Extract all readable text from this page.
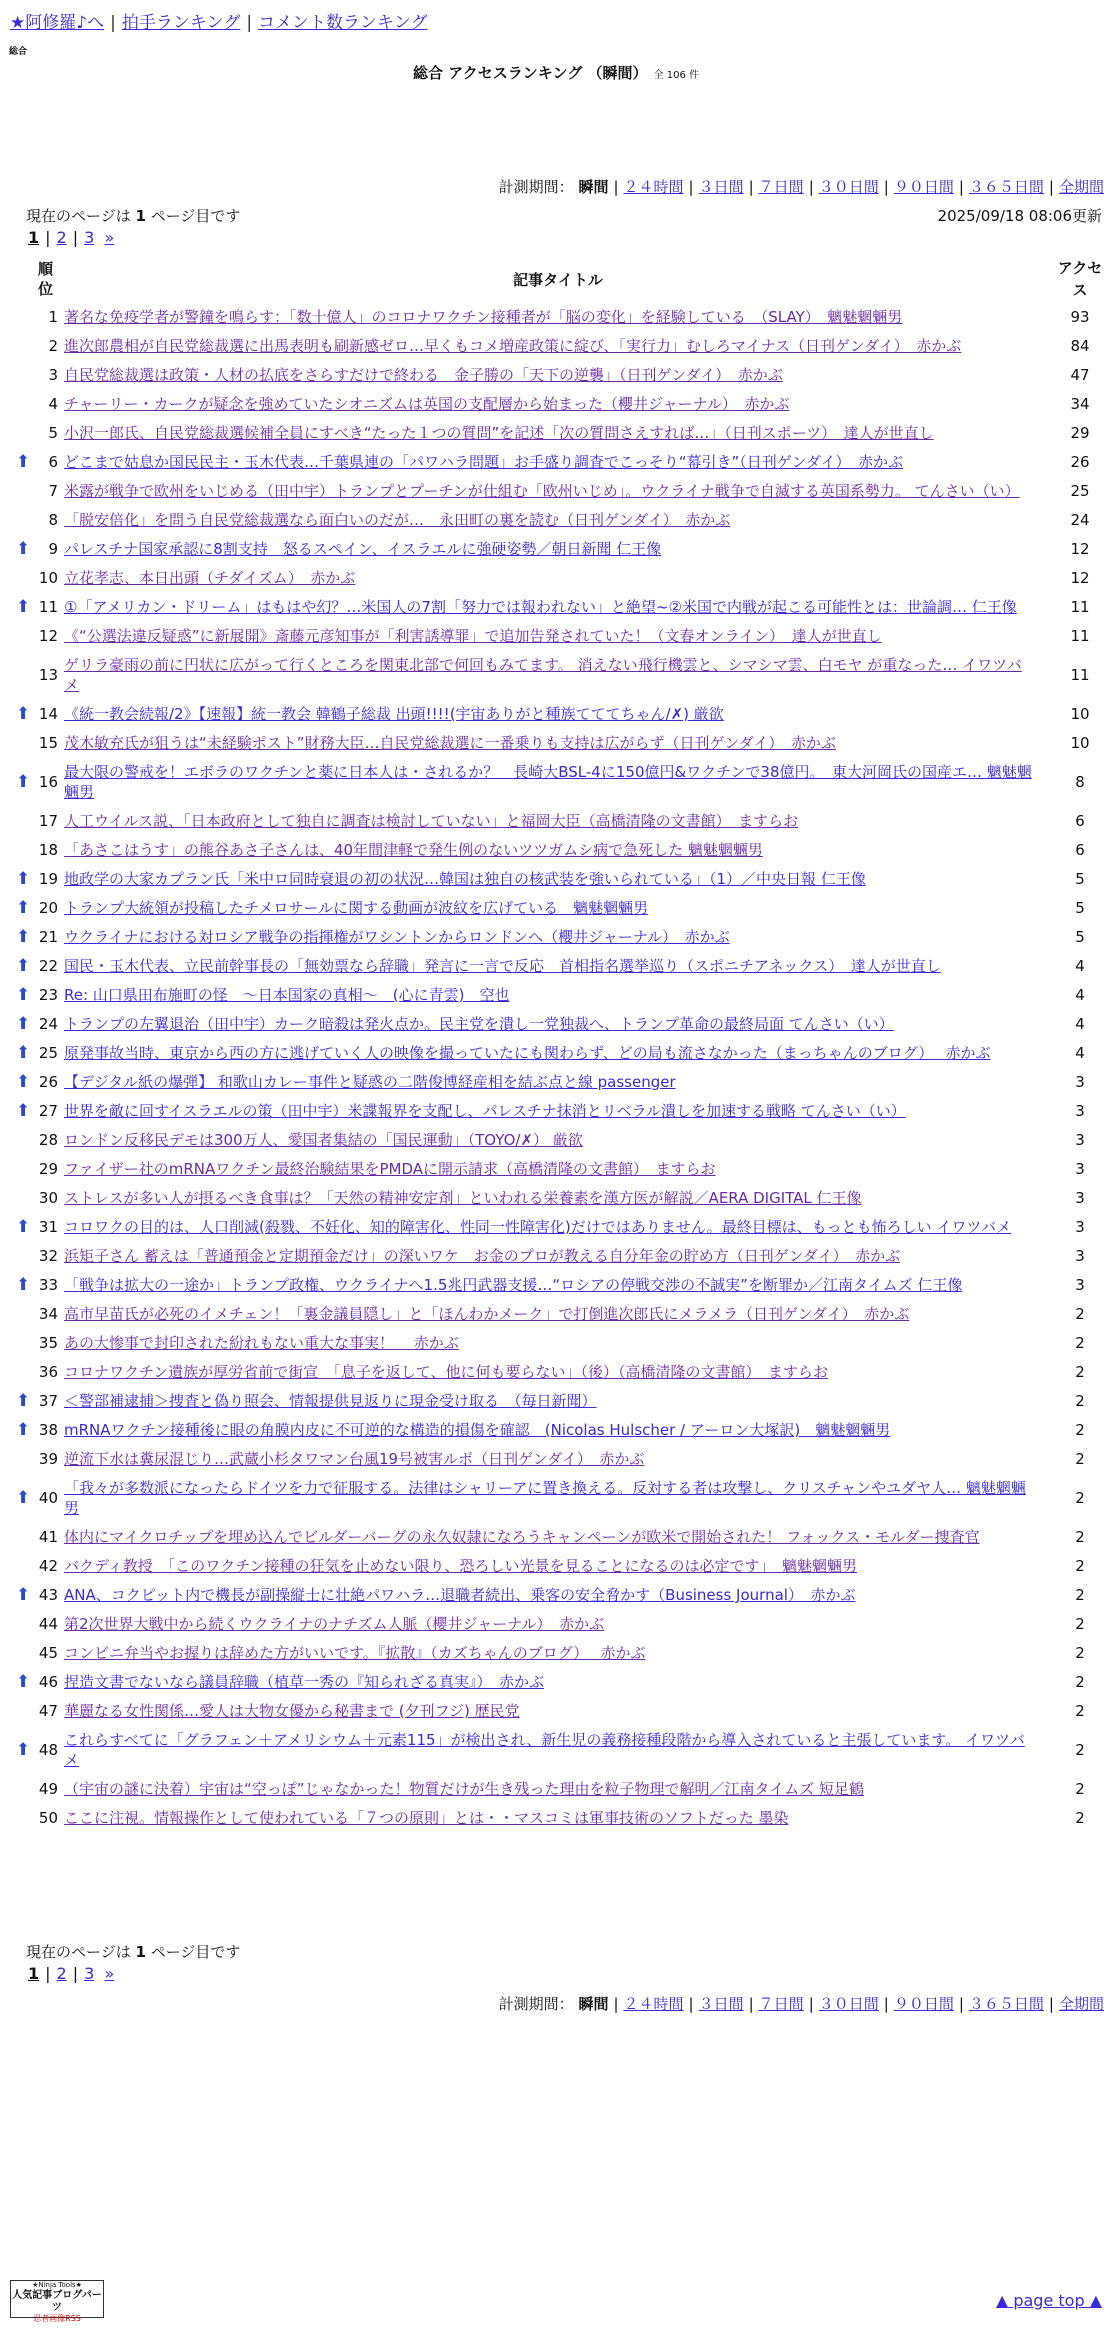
★阿修羅♪へ | 拍手ランキング | コメント数ランキング
総合
総合 アクセスランキング （瞬間） 全 106 件
計測期間： 瞬間 | ２４時間 | ３日間 | ７日間 | ３０日間 | ９０日間 | ３６５日間 | 全期間
現在のページは 1 ページ目です	2025/09/18 08:06更新
1 | 2 | 3 »
	順位	記事タイトル	アクセス
	1	著名な免疫学者が警鐘を鳴らす：「数十億人」のコロナワクチン接種者が「脳の変化」を経験している　（SLAY）　魑魅魍魎男	93
	2	進次郎農相が自民党総裁選に出馬表明も刷新感ゼロ…早くもコメ増産政策に綻び、「実行力」むしろマイナス（日刊ゲンダイ）　赤かぶ	84
	3	自民党総裁選は政策・人材の払底をさらすだけで終わる　金子勝の「天下の逆襲」（日刊ゲンダイ）　赤かぶ	47
	4	チャーリー・カークが疑念を強めていたシオニズムは英国の支配層から始まった（櫻井ジャーナル）　赤かぶ	34
	5	小沢一郎氏、自民党総裁選候補全員にすべき“たった１つの質問”を記述「次の質問さえすれば…」（日刊スポーツ）　達人が世直し	29
⬆	6	どこまで姑息か国民民主・玉木代表…千葉県連の「パワハラ問題」お手盛り調査でこっそり“幕引き”（日刊ゲンダイ）　赤かぶ	26
	7	米露が戦争で欧州をいじめる（田中宇）トランプとプーチンが仕組む「欧州いじめ」。ウクライナ戦争で自滅する英国系勢力。 てんさい（い）	25
	8	「脱安倍化」を問う自民党総裁選なら面白いのだが…　永田町の裏を読む（日刊ゲンダイ）　赤かぶ	24
⬆	9	パレスチナ国家承認に8割支持　怒るスペイン、イスラエルに強硬姿勢／朝日新聞 仁王像	12
	10	立花孝志、本日出頭（チダイズム）　赤かぶ	12
⬆	11	①「アメリカン・ドリーム」はもはや幻？…米国人の7割「努力では報われない」と絶望~②米国で内戦が起こる可能性とは：世論調… 仁王像	11
	12	《“公選法違反疑惑”に新展開》斎藤元彦知事が「利害誘導罪」で追加告発されていた！（文春オンライン）　達人が世直し	11
	13	ゲリラ豪雨の前に円状に広がって行くところを関東北部で何回もみてます。 消えない飛行機雲と、シマシマ雲、白モヤ が重なった… イワツバメ	11
⬆	14	《統一教会続報/2》【速報】統一教会 韓鶴子総裁 出頭!!!!(宇宙ありがと種族てててちゃん/✗) 厳欲	10
	15	茂木敏充氏が狙うは“未経験ポスト”財務大臣…自民党総裁選に一番乗りも支持は広がらず（日刊ゲンダイ）　赤かぶ	10
⬆	16	最大限の警戒を！エボラのワクチンと薬に日本人は・されるか？　長崎大BSL-4に150億円&ワクチンで38億円。　東大河岡氏の国産エ… 魑魅魍魎男	8
	17	人工ウイルス説、「日本政府として独自に調査は検討していない」と福岡大臣（高橋清隆の文書館）　ますらお	6
	18	「あさこはうす」の熊谷あさ子さんは、40年間津軽で発生例のないツツガムシ病で急死した 魑魅魍魎男	6
⬆	19	地政学の大家カプラン氏「米中ロ同時衰退の初の状況…韓国は独自の核武装を強いられている」（1）／中央日報 仁王像	5
⬆	20	トランプ大統領が投稿したチメロサールに関する動画が波紋を広げている　魑魅魍魎男	5
⬆	21	ウクライナにおける対ロシア戦争の指揮権がワシントンからロンドンへ（櫻井ジャーナル）　赤かぶ	5
⬆	22	国民・玉木代表、立民前幹事長の「無効票なら辞職」発言に一言で反応　首相指名選挙巡り（スポニチアネックス）　達人が世直し	4
⬆	23	Re: 山口県田布施町の怪　〜日本国家の真相〜　(心に青雲)　空也	4
⬆	24	トランプの左翼退治（田中宇）カーク暗殺は発火点か。民主党を潰し一党独裁へ、トランプ革命の最終局面 てんさい（い）	4
⬆	25	原発事故当時、東京から西の方に逃げていく人の映像を撮っていたにも関わらず、どの局も流さなかった（まっちゃんのブログ）　 赤かぶ	4
⬆	26	【デジタル紙の爆弾】 和歌山カレー事件と疑惑の二階俊博経産相を結ぶ点と線 passenger	3
⬆	27	世界を敵に回すイスラエルの策（田中宇）米諜報界を支配し、パレスチナ抹消とリベラル潰しを加速する戦略 てんさい（い）	3
	28	ロンドン反移民デモは300万人、愛国者集結の「国民運動」（TOYO/✗） 厳欲	3
	29	ファイザー社のmRNAワクチン最終治験結果をPMDAに開示請求（高橋清隆の文書館）　ますらお	3
	30	ストレスが多い人が摂るべき食事は？「天然の精神安定剤」といわれる栄養素を漢方医が解説／AERA DIGITAL 仁王像	3
⬆	31	コロワクの目的は、人口削減(殺戮、不妊化、知的障害化、性同一性障害化)だけではありません。最終目標は、もっとも怖ろしい イワツバメ	3
	32	浜矩子さん 蓄えは「普通預金と定期預金だけ」の深いワケ　お金のプロが教える自分年金の貯め方（日刊ゲンダイ）　赤かぶ	3
⬆	33	「戦争は拡大の一途か」トランプ政権、ウクライナへ1.5兆円武器支援…“ロシアの停戦交渉の不誠実”を断罪か／江南タイムズ 仁王像	3
	34	高市早苗氏が必死のイメチェン！「裏金議員隠し」と「ほんわかメーク」で打倒進次郎氏にメラメラ（日刊ゲンダイ）　赤かぶ	2
	35	あの大惨事で封印された紛れもない重大な事実！　 赤かぶ	2
	36	コロナワクチン遺族が厚労省前で街宣　「息子を返して、他に何も要らない」（後）（高橋清隆の文書館）　ますらお	2
⬆	37	＜警部補逮捕＞捜査と偽り照会、情報提供見返りに現金受け取る　（毎日新聞）	2
⬆	38	mRNAワクチン接種後に眼の角膜内皮に不可逆的な構造的損傷を確認　(Nicolas Hulscher / アーロン大塚訳)　魑魅魍魎男	2
	39	逆流下水は糞尿混じり…武蔵小杉タワマン台風19号被害ルポ（日刊ゲンダイ）　赤かぶ	2
⬆	40	「我々が多数派になったらドイツを力で征服する。法律はシャリーアに置き換える。反対する者は攻撃し、クリスチャンやユダヤ人… 魑魅魍魎男	2
	41	体内にマイクロチップを埋め込んでビルダーバーグの永久奴隷になろうキャンペーンが欧米で開始された！ フォックス・モルダー捜査官	2
	42	バクディ教授　「このワクチン接種の狂気を止めない限り、恐ろしい光景を見ることになるのは必定です」　魑魅魍魎男	2
⬆	43	ANA、コクピット内で機長が副操縦士に壮絶パワハラ…退職者続出、乗客の安全脅かす（Business Journal）　赤かぶ	2
	44	第2次世界大戦中から続くウクライナのナチズム人脈（櫻井ジャーナル）　赤かぶ	2
	45	コンビニ弁当やお握りは辞めた方がいいです。『拡散』（カズちゃんのブログ）　 赤かぶ	2
⬆	46	捏造文書でないなら議員辞職（植草一秀の『知られざる真実』）　赤かぶ	2
	47	華麗なる女性関係…愛人は大物女優から秘書まで (夕刊フジ) 歴民党	2
⬆	48	これらすべてに「グラフェン＋アメリシウム＋元素115」が検出され、新生児の義務接種段階から導入されていると主張しています。 イワツバメ	2
	49	（宇宙の謎に決着）宇宙は“空っぽ”じゃなかった！物質だけが生き残った理由を粒子物理で解明／江南タイムズ 短足鶴	2
	50	ここに注視。情報操作として使われている「７つの原則」とは・・マスコミは軍事技術のソフトだった 墨染	2
現在のページは 1 ページ目です
1 | 2 | 3 »
計測期間： 瞬間 | ２４時間 | ３日間 | ７日間 | ３０日間 | ９０日間 | ３６５日間 | 全期間
★Ninja Tools★
人気記事ブログパーツ
忍者画像RSS
▲ page top ▲
